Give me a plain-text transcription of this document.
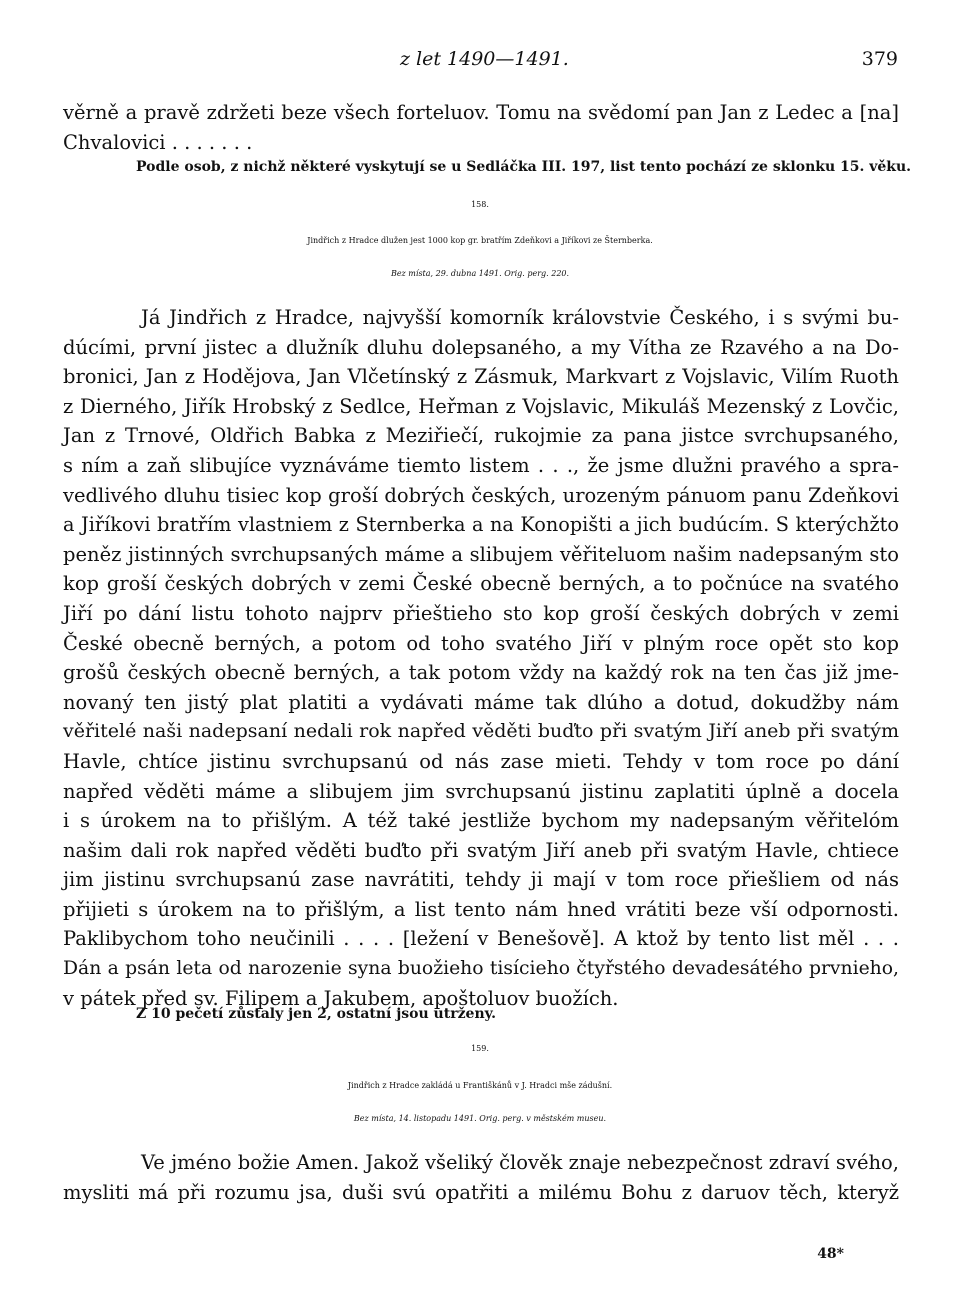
z let 1490—1491.	379
věrně a pravě zdržeti beze všech forteluov. Tomu na svědomí pan Jan z Ledec a [na]
Chvalovici . . . . . . .
Podle osob, z nichž některé vyskytují se u Sedláčka III. 197, list tento pochází ze sklonku 15. věku.
158.
Jindřich z Hradce dlužen jest 1000 kop gr. bratřím Zdeňkovi a Jiříkovi ze Šternberka.
Bez místa, 29. dubna 1491. Orig. perg. 220.
Já Jindřich z Hradce, najvyšší komorník královstvie Českého, i s svými bu-
dúcími, první jistec a dlužník dluhu dolepsaného, a my Vítha ze Rzavého a na Do-
bronici, Jan z Hodějova, Jan Vlčetínský z Zásmuk, Markvart z Vojslavic, Vilím Ruoth
z Dierného, Jiřík Hrobský z Sedlce, Heřman z Vojslavic, Mikuláš Mezenský z Lovčic,
Jan z Trnové, Oldřich Babka z Meziřiečí, rukojmie za pana jistce svrchupsaného,
s ním a zaň slibujíce vyznáváme tiemto listem . . ., že jsme dlužni pravého a spra-
vedlivého dluhu tisiec kop groší dobrých českých, urozeným pánuom panu Zdeňkovi
a Jiříkovi bratřím vlastniem z Sternberka a na Konopišti a jich budúcím. S kterýchžto
peněz jistinných svrchupsaných máme a slibujem věřiteluom našim nadepsaným sto
kop groší českých dobrých v zemi České obecně berných, a to počnúce na svatého
Jiří po dání listu tohoto najprv přieštieho sto kop groší českých dobrých v zemi
České obecně berných, a potom od toho svatého Jiří v plným roce opět sto kop
grošů českých obecně berných, a tak potom vždy na každý rok na ten čas již jme-
novaný ten jistý plat platiti a vydávati máme tak dlúho a dotud, dokudžby nám
věřitelé naši nadepsaní nedali rok napřed věděti buďto při svatým Jiří aneb při svatým
Havle, chtíce jistinu svrchupsanú od nás zase mieti. Tehdy v tom roce po dání
napřed věděti máme a slibujem jim svrchupsanú jistinu zaplatiti úplně a docela
i s úrokem na to přišlým. A též také jestliže bychom my nadepsaným věřitelóm
našim dali rok napřed věděti buďto při svatým Jiří aneb při svatým Havle, chtiece
jim jistinu svrchupsanú zase navrátiti, tehdy ji mají v tom roce přiešliem od nás
přijieti s úrokem na to přišlým, a list tento nám hned vrátiti beze vší odpornosti.
Paklibychom toho neučinili . . . . [ležení v Benešově]. A ktož by tento list měl . . .
Dán a psán leta od narozenie syna buožieho tisícieho čtyřstého devadesátého prvnieho,
v pátek před sv. Filipem a Jakubem, apoštoluov buožích.
Z 10 pečetí zůstaly jen 2, ostatní jsou utrženy.
159.
Jindřich z Hradce zakládá u Františkánů v J. Hradci mše zádušní.
Bez místa, 14. listopadu 1491. Orig. perg. v městském museu.
Ve jméno božie Amen. Jakož všeliký člověk znaje nebezpečnost zdraví svého,
mysliti má při rozumu jsa, duši svú opatřiti a milému Bohu z daruov těch, kteryž
48*
